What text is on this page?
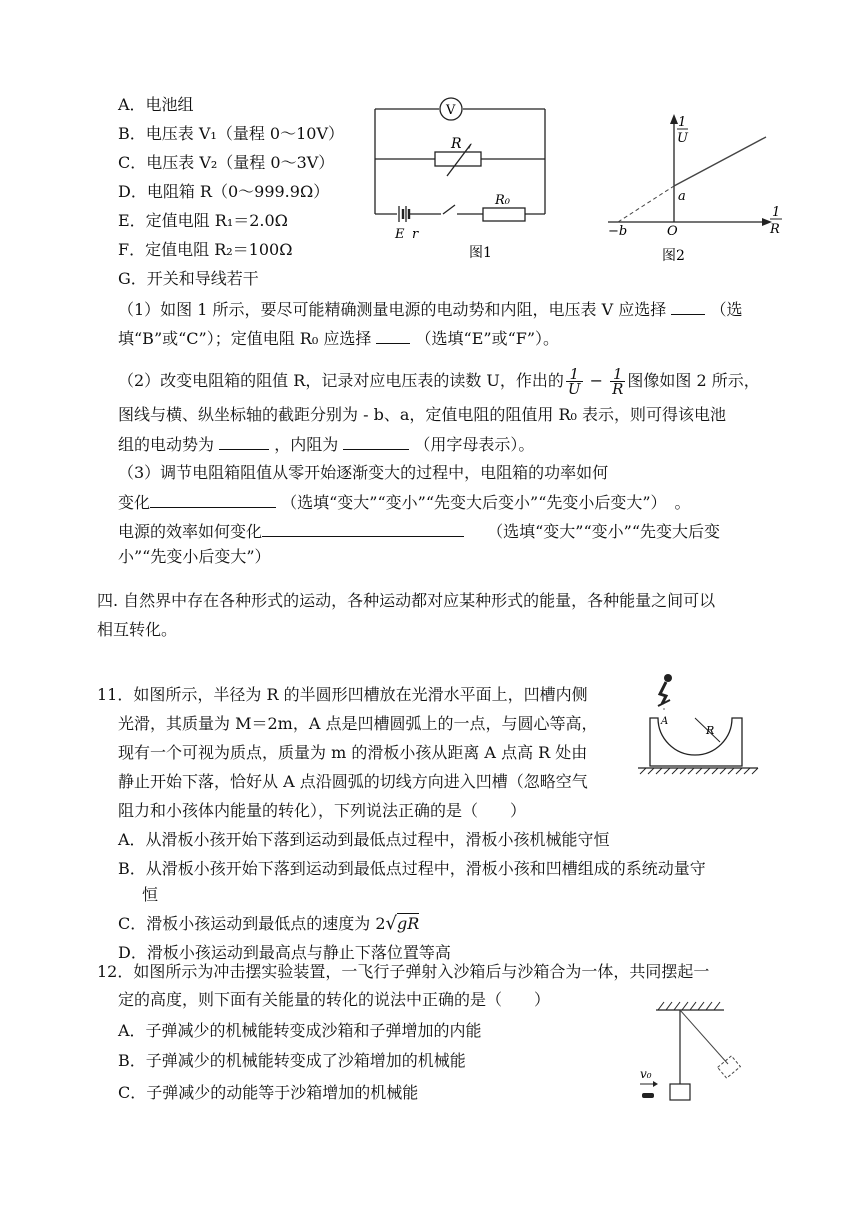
A．电池组
B．电压表 V₁（量程 0～10V）
C．电压表 V₂（量程 0～3V）
D．电阻箱 R（0～999.9Ω）
E．定值电阻 R₁＝2.0Ω
F．定值电阻 R₂＝100Ω
G．开关和导线若干
V
R
R₀
E r
图1
1
U
1
R
a
−b	O
图2
（1）如图 1 所示，要尽可能精确测量电源的电动势和内阻，电压表 V 应选择	（选
填“B”或“C”）；定值电阻 R₀ 应选择	（选填“E”或“F”）。
（2）改变电阻箱的阻值 R，记录对应电压表的读数 U，作出的 $\frac{1}{U} - \frac{1}{R}$ 图像如图 2 所示，
图线与横、纵坐标轴的截距分别为 - b、a，定值电阻的阻值用 R₀ 表示，则可得该电池
组的电动势为	，内阻为	（用字母表示）。
（3）调节电阻箱阻值从零开始逐渐变大的过程中，电阻箱的功率如何
变化	（选填“变大”“变小”“先变大后变小”“先变小后变大”）　。
电源的效率如何变化	（选填“变大”“变小”“先变大后变
小”“先变小后变大”）
四. 自然界中存在各种形式的运动，各种运动都对应某种形式的能量，各种能量之间可以
相互转化。
11．如图所示，半径为 R 的半圆形凹槽放在光滑水平面上，凹槽内侧
光滑，其质量为 M＝2m，A 点是凹槽圆弧上的一点，与圆心等高，
现有一个可视为质点，质量为 m 的滑板小孩从距离 A 点高 R 处由
静止开始下落，恰好从 A 点沿圆弧的切线方向进入凹槽（忽略空气
阻力和小孩体内能量的转化），下列说法正确的是（　　）
A．从滑板小孩开始下落到运动到最低点过程中，滑板小孩机械能守恒
B．从滑板小孩开始下落到运动到最低点过程中，滑板小孩和凹槽组成的系统动量守
恒
C．滑板小孩运动到最低点的速度为 2√gR
D．滑板小孩运动到最高点与静止下落位置等高
A
R
12．如图所示为冲击摆实验装置，一飞行子弹射入沙箱后与沙箱合为一体，共同摆起一
定的高度，则下面有关能量的转化的说法中正确的是（　　）
A．子弹减少的机械能转变成沙箱和子弹增加的内能
B．子弹减少的机械能转变成了沙箱增加的机械能
C．子弹减少的动能等于沙箱增加的机械能
v₀
